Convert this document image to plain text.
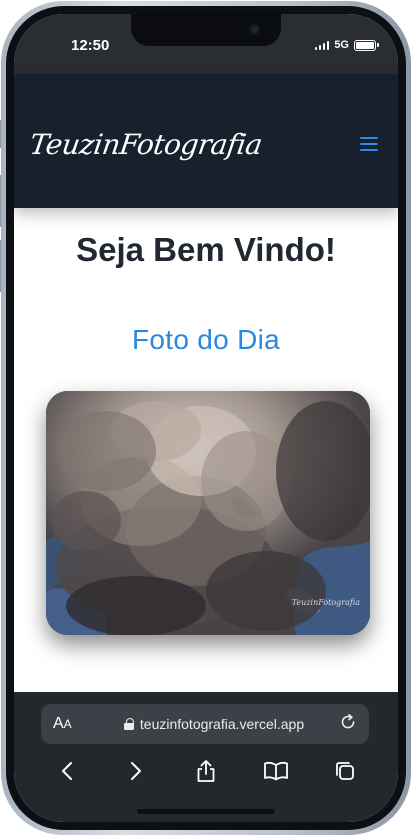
12:50	5G
TeuzinFotografia
Seja Bem Vindo!
Foto do Dia
TeuzinFotografia
AA	teuzinfotografia.vercel.app
